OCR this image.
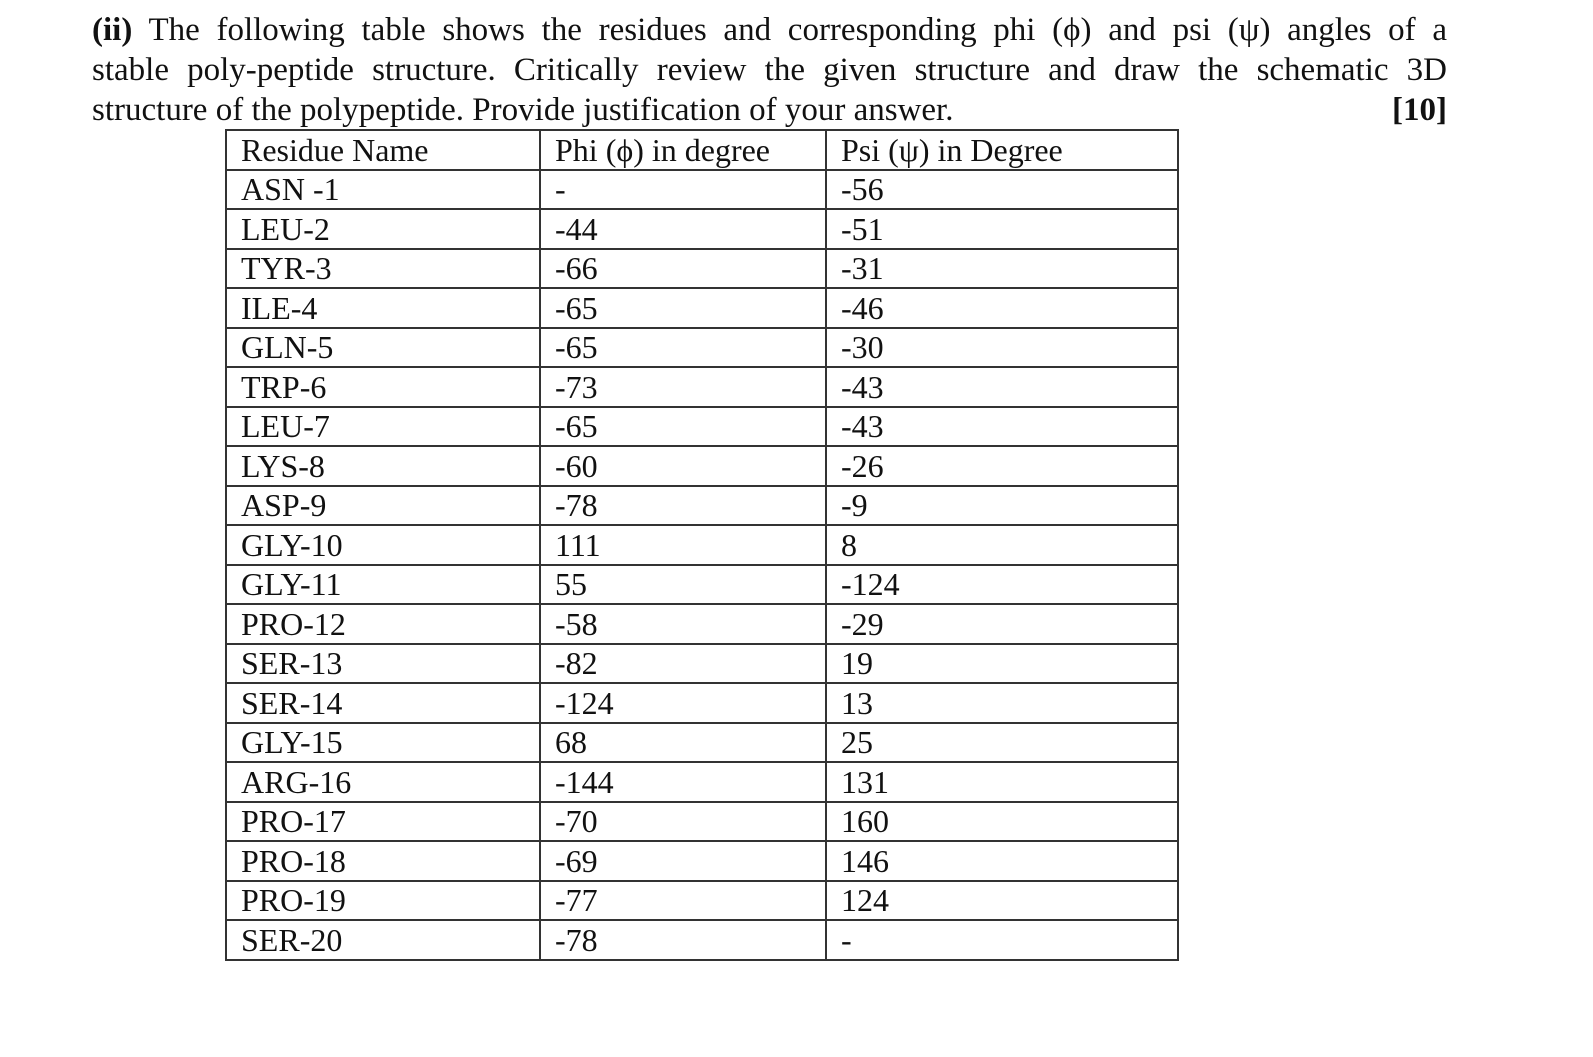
(ii) The following table shows the residues and corresponding phi (ϕ) and psi (ψ) angles of a
stable poly-peptide structure. Critically review the given structure and draw the schematic 3D
structure of the polypeptide. Provide justification of your answer.	[10]
Residue Name	Phi (ϕ) in degree	Psi (ψ) in Degree
ASN -1	-	-56
LEU-2	-44	-51
TYR-3	-66	-31
ILE-4	-65	-46
GLN-5	-65	-30
TRP-6	-73	-43
LEU-7	-65	-43
LYS-8	-60	-26
ASP-9	-78	-9
GLY-10	111	8
GLY-11	55	-124
PRO-12	-58	-29
SER-13	-82	19
SER-14	-124	13
GLY-15	68	25
ARG-16	-144	131
PRO-17	-70	160
PRO-18	-69	146
PRO-19	-77	124
SER-20	-78	-
